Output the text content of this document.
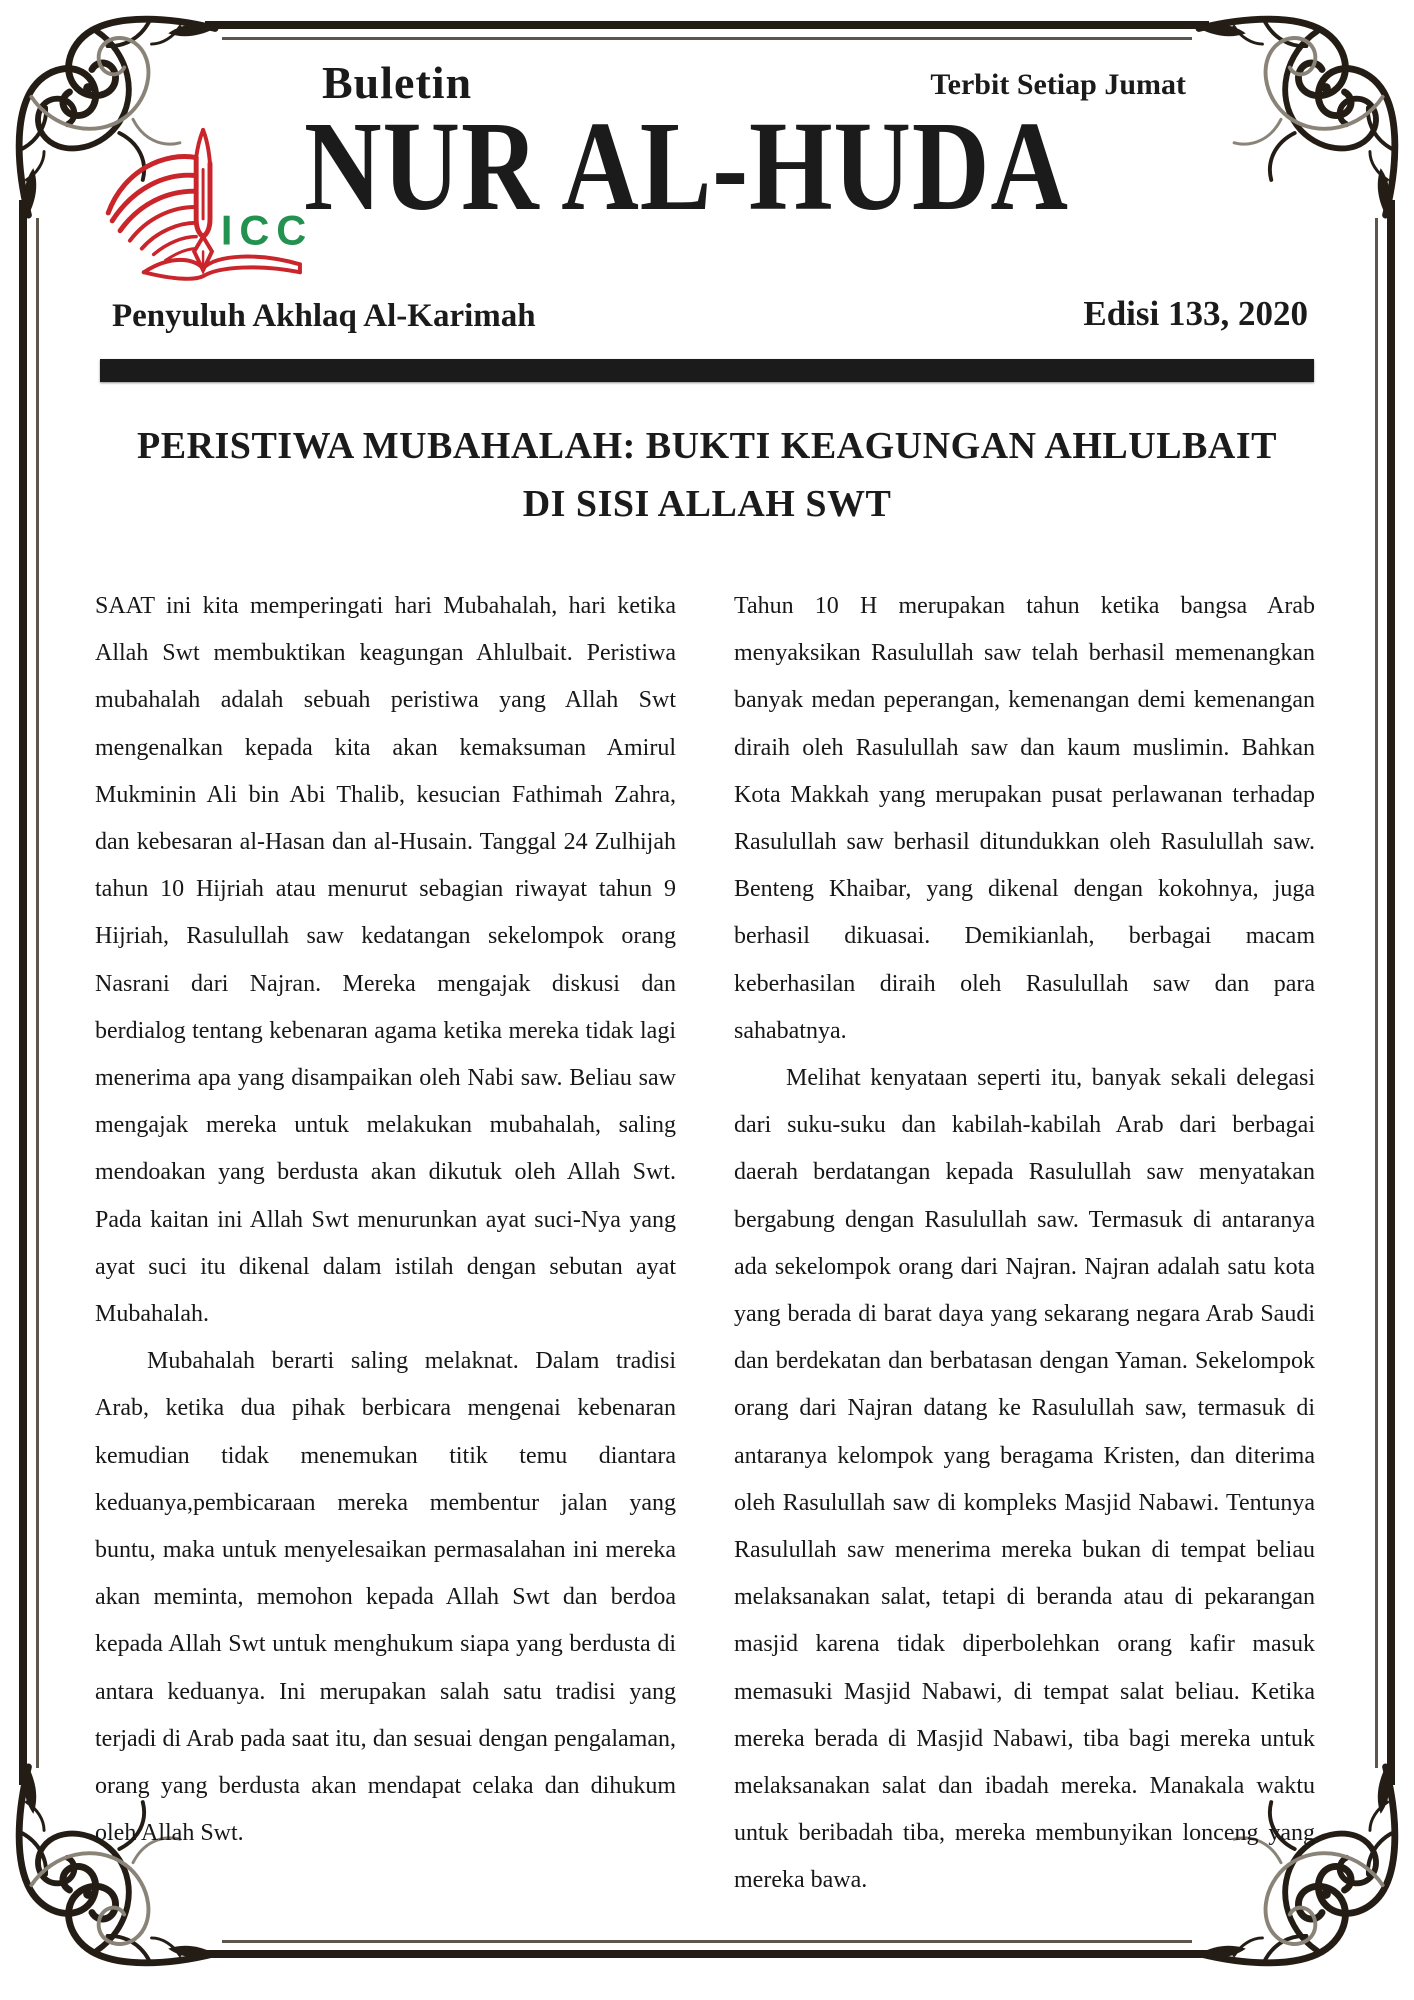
Buletin	Terbit Setiap Jumat
ICC
NUR AL-HUDA
Penyuluh Akhlaq Al-Karimah	Edisi 133, 2020
PERISTIWA MUBAHALAH: BUKTI KEAGUNGAN AHLULBAIT
DI SISI ALLAH SWT

SAAT ini kita memperingati hari Mubahalah, hari ketika Allah Swt membuktikan keagungan Ahlulbait. Peristiwa mubahalah adalah sebuah peristiwa yang Allah Swt mengenalkan kepada kita akan kemaksuman Amirul Mukminin Ali bin Abi Thalib, kesucian Fathimah Zahra, dan kebesaran al-Hasan dan al-Husain. Tanggal 24 Zulhijah tahun 10 Hijriah atau menurut sebagian riwayat tahun 9 Hijriah, Rasulullah saw kedatangan sekelompok orang Nasrani dari Najran. Mereka mengajak diskusi dan berdialog tentang kebenaran agama ketika mereka tidak lagi menerima apa yang disampaikan oleh Nabi saw. Beliau saw mengajak mereka untuk melakukan mubahalah, saling mendoakan yang berdusta akan dikutuk oleh Allah Swt. Pada kaitan ini Allah Swt menurunkan ayat suci-Nya yang ayat suci itu dikenal dalam istilah dengan sebutan ayat Mubahalah.

Mubahalah berarti saling melaknat. Dalam tradisi Arab, ketika dua pihak berbicara mengenai kebenaran kemudian tidak menemukan titik temu diantara keduanya,pembicaraan mereka membentur jalan yang buntu, maka untuk menyelesaikan permasalahan ini mereka akan meminta, memohon kepada Allah Swt dan berdoa kepada Allah Swt untuk menghukum siapa yang berdusta di antara keduanya. Ini merupakan salah satu tradisi yang terjadi di Arab pada saat itu, dan sesuai dengan pengalaman, orang yang berdusta akan mendapat celaka dan dihukum oleh Allah Swt.

Tahun 10 H merupakan tahun ketika bangsa Arab menyaksikan Rasulullah saw telah berhasil memenangkan banyak medan peperangan, kemenangan demi kemenangan diraih oleh Rasulullah saw dan kaum muslimin. Bahkan Kota Makkah yang merupakan pusat perlawanan terhadap Rasulullah saw berhasil ditundukkan oleh Rasulullah saw. Benteng Khaibar, yang dikenal dengan kokohnya, juga berhasil dikuasai. Demikianlah, berbagai macam keberhasilan diraih oleh Rasulullah saw dan para sahabatnya.

Melihat kenyataan seperti itu, banyak sekali delegasi dari suku-suku dan kabilah-kabilah Arab dari berbagai daerah berdatangan kepada Rasulullah saw menyatakan bergabung dengan Rasulullah saw. Termasuk di antaranya ada sekelompok orang dari Najran. Najran adalah satu kota yang berada di barat daya yang sekarang negara Arab Saudi dan berdekatan dan berbatasan dengan Yaman. Sekelompok orang dari Najran datang ke Rasulullah saw, termasuk di antaranya kelompok yang beragama Kristen, dan diterima oleh Rasulullah saw di kompleks Masjid Nabawi. Tentunya Rasulullah saw menerima mereka bukan di tempat beliau melaksanakan salat, tetapi di beranda atau di pekarangan masjid karena tidak diperbolehkan orang kafir masuk memasuki Masjid Nabawi, di tempat salat beliau. Ketika mereka berada di Masjid Nabawi, tiba bagi mereka untuk melaksanakan salat dan ibadah mereka. Manakala waktu untuk beribadah tiba, mereka membunyikan lonceng yang mereka bawa.
